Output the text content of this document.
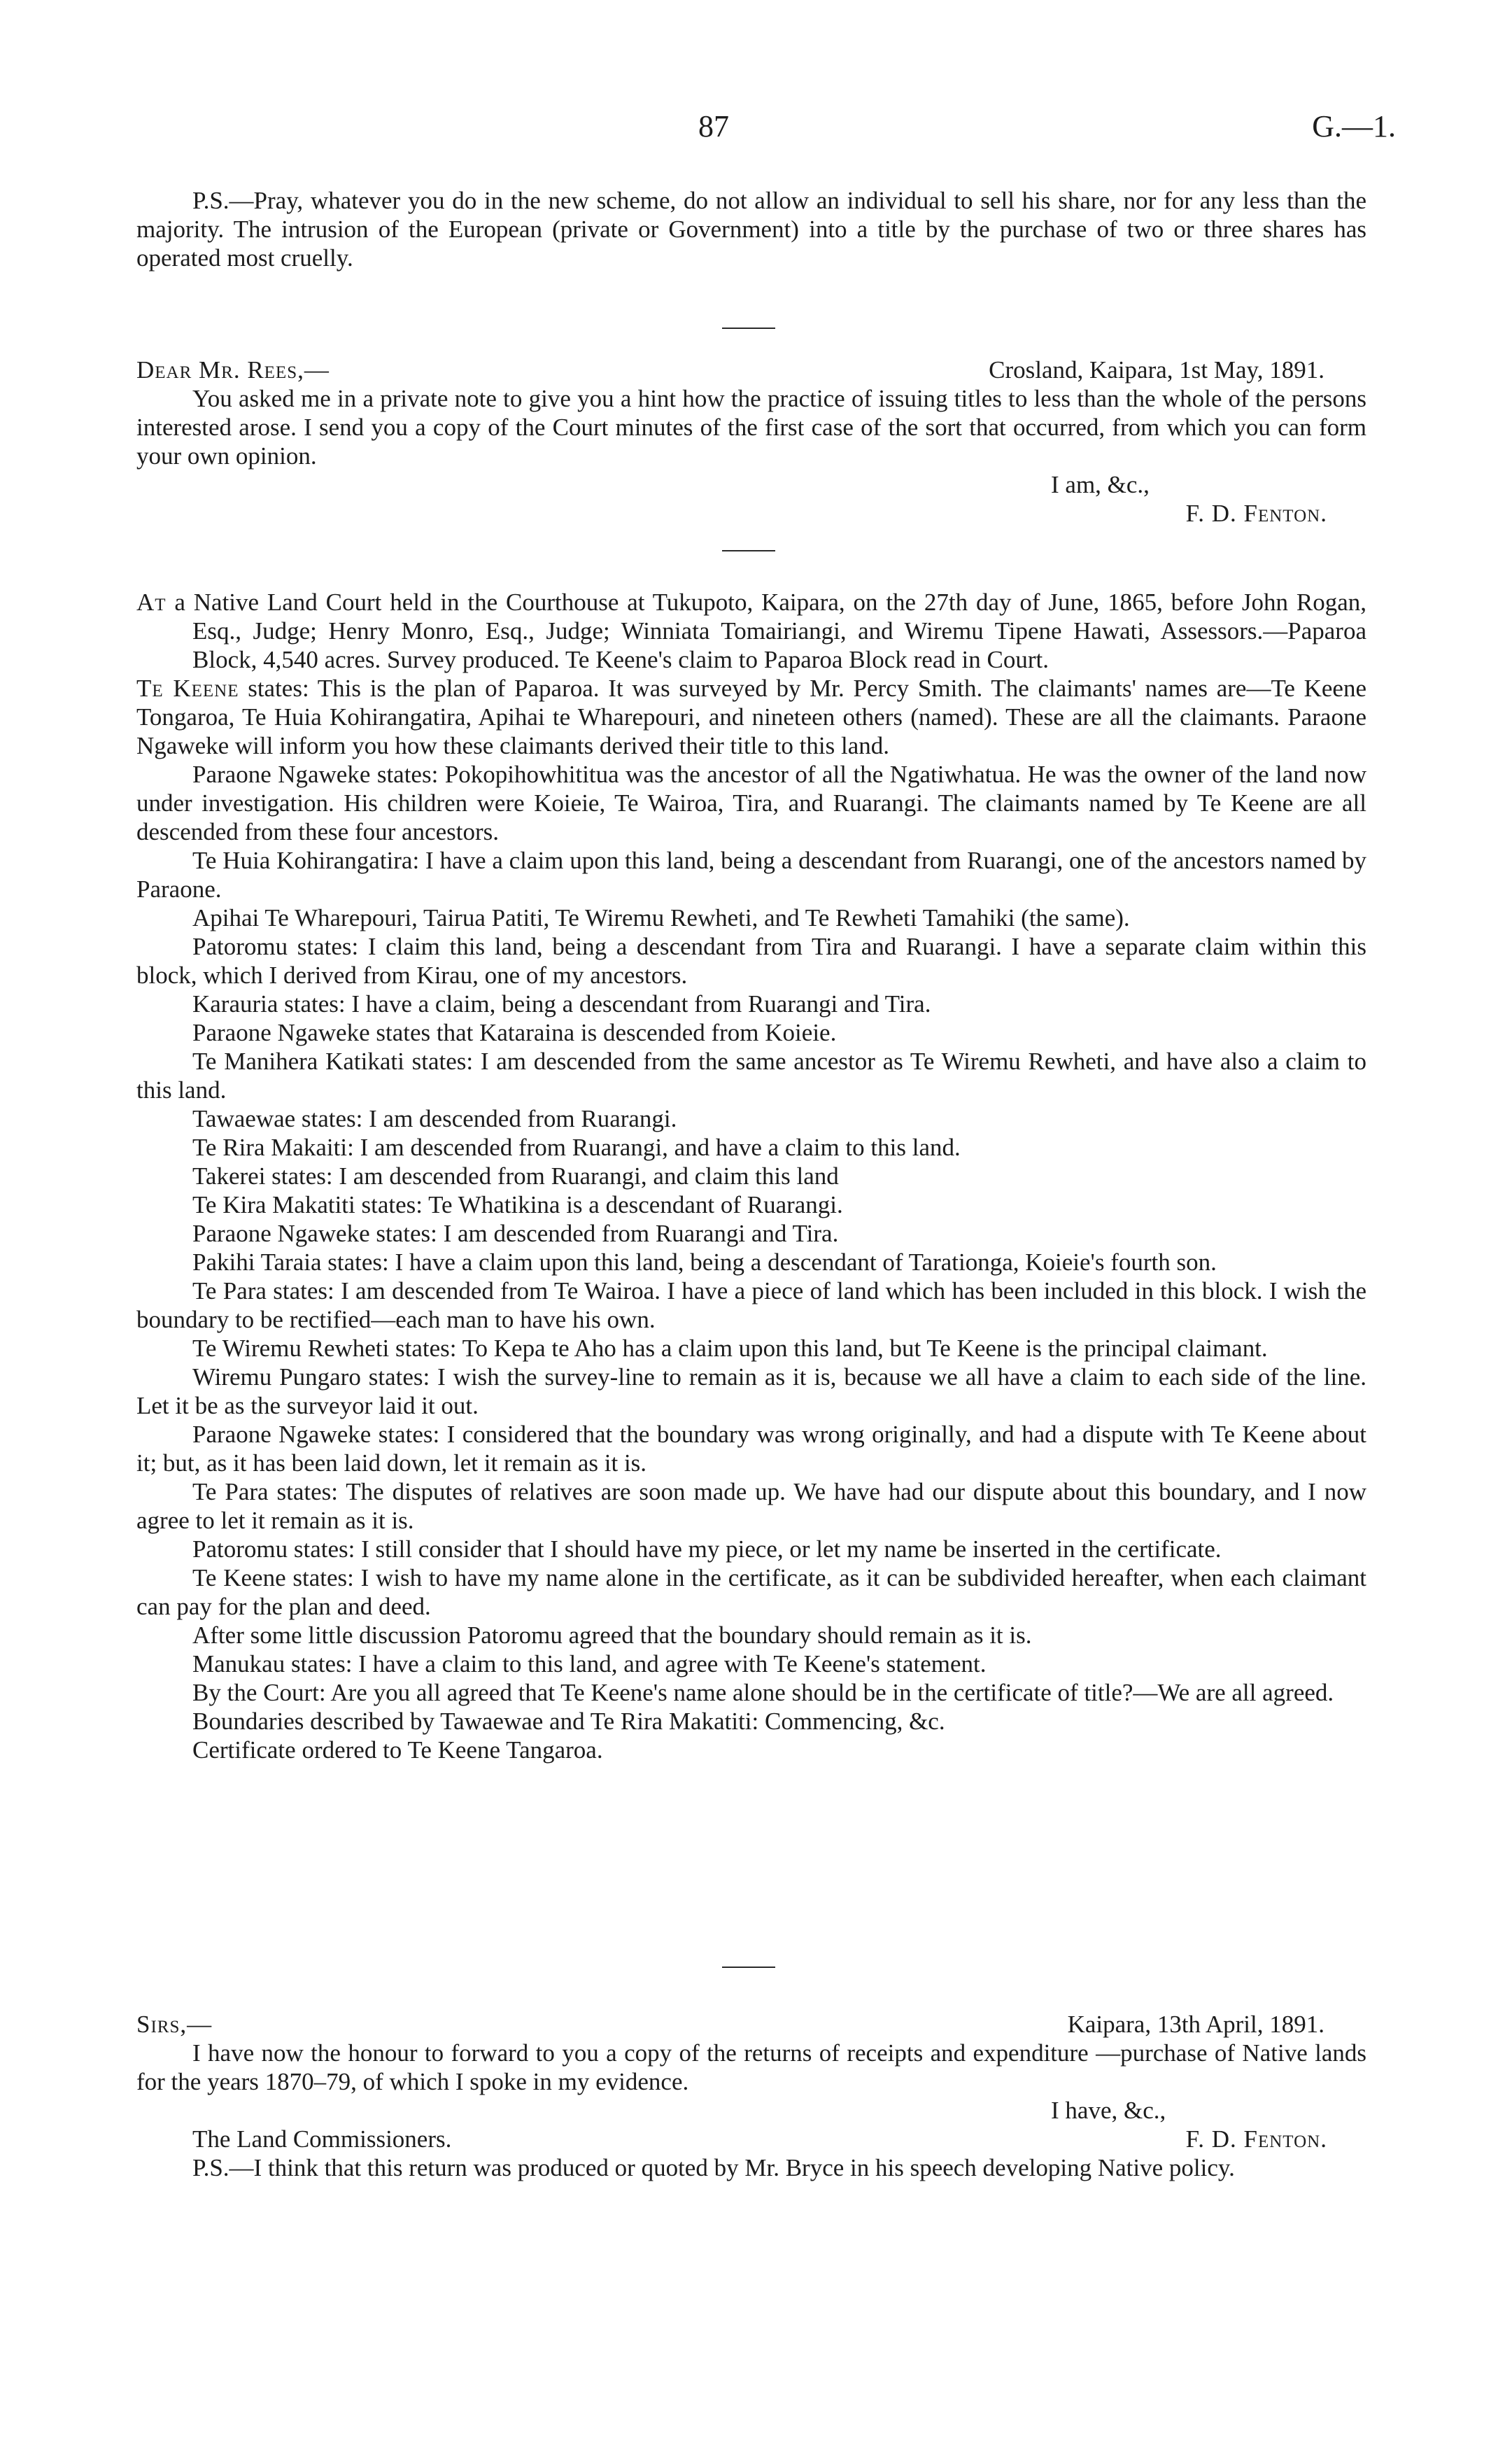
87	G.—1.

P.S.—Pray, whatever you do in the new scheme, do not allow an individual to sell his share, nor for any less than the majority. The intrusion of the European (private or Government) into a title by the purchase of two or three shares has operated most cruelly.

Dear Mr. Rees,—	Crosland, Kaipara, 1st May, 1891.

You asked me in a private note to give you a hint how the practice of issuing titles to less than the whole of the persons interested arose. I send you a copy of the Court minutes of the first case of the sort that occurred, from which you can form your own opinion.

I am, &c.,
F. D. Fenton.

At a Native Land Court held in the Courthouse at Tukupoto, Kaipara, on the 27th day of June, 1865, before John Rogan, Esq., Judge; Henry Monro, Esq., Judge; Winniata Tomairiangi, and Wiremu Tipene Hawati, Assessors.—Paparoa Block, 4,540 acres. Survey produced. Te Keene's claim to Paparoa Block read in Court.

Te Keene states: This is the plan of Paparoa. It was surveyed by Mr. Percy Smith. The claimants' names are—Te Keene Tongaroa, Te Huia Kohirangatira, Apihai te Wharepouri, and nineteen others (named). These are all the claimants. Paraone Ngaweke will inform you how these claimants derived their title to this land.

Paraone Ngaweke states: Pokopihowhititua was the ancestor of all the Ngatiwhatua. He was the owner of the land now under investigation. His children were Koieie, Te Wairoa, Tira, and Ruarangi. The claimants named by Te Keene are all descended from these four ancestors.

Te Huia Kohirangatira: I have a claim upon this land, being a descendant from Ruarangi, one of the ancestors named by Paraone.

Apihai Te Wharepouri, Tairua Patiti, Te Wiremu Rewheti, and Te Rewheti Tamahiki (the same).

Patoromu states: I claim this land, being a descendant from Tira and Ruarangi. I have a separate claim within this block, which I derived from Kirau, one of my ancestors.

Karauria states: I have a claim, being a descendant from Ruarangi and Tira.

Paraone Ngaweke states that Kataraina is descended from Koieie.

Te Manihera Katikati states: I am descended from the same ancestor as Te Wiremu Rewheti, and have also a claim to this land.

Tawaewae states: I am descended from Ruarangi.

Te Rira Makaiti: I am descended from Ruarangi, and have a claim to this land.

Takerei states: I am descended from Ruarangi, and claim this land

Te Kira Makatiti states: Te Whatikina is a descendant of Ruarangi.

Paraone Ngaweke states: I am descended from Ruarangi and Tira.

Pakihi Taraia states: I have a claim upon this land, being a descendant of Tarationga, Koieie's fourth son.

Te Para states: I am descended from Te Wairoa. I have a piece of land which has been included in this block. I wish the boundary to be rectified—each man to have his own.

Te Wiremu Rewheti states: To Kepa te Aho has a claim upon this land, but Te Keene is the principal claimant.

Wiremu Pungaro states: I wish the survey-line to remain as it is, because we all have a claim to each side of the line. Let it be as the surveyor laid it out.

Paraone Ngaweke states: I considered that the boundary was wrong originally, and had a dispute with Te Keene about it; but, as it has been laid down, let it remain as it is.

Te Para states: The disputes of relatives are soon made up. We have had our dispute about this boundary, and I now agree to let it remain as it is.

Patoromu states: I still consider that I should have my piece, or let my name be inserted in the certificate.

Te Keene states: I wish to have my name alone in the certificate, as it can be subdivided hereafter, when each claimant can pay for the plan and deed.

After some little discussion Patoromu agreed that the boundary should remain as it is.

Manukau states: I have a claim to this land, and agree with Te Keene's statement.

By the Court: Are you all agreed that Te Keene's name alone should be in the certificate of title?—We are all agreed.

Boundaries described by Tawaewae and Te Rira Makatiti: Commencing, &c.

Certificate ordered to Te Keene Tangaroa.

Sirs,—	Kaipara, 13th April, 1891.

I have now the honour to forward to you a copy of the returns of receipts and expenditure —purchase of Native lands for the years 1870–79, of which I spoke in my evidence.

I have, &c.,
The Land Commissioners.	F. D. Fenton.

P.S.—I think that this return was produced or quoted by Mr. Bryce in his speech developing Native policy.
